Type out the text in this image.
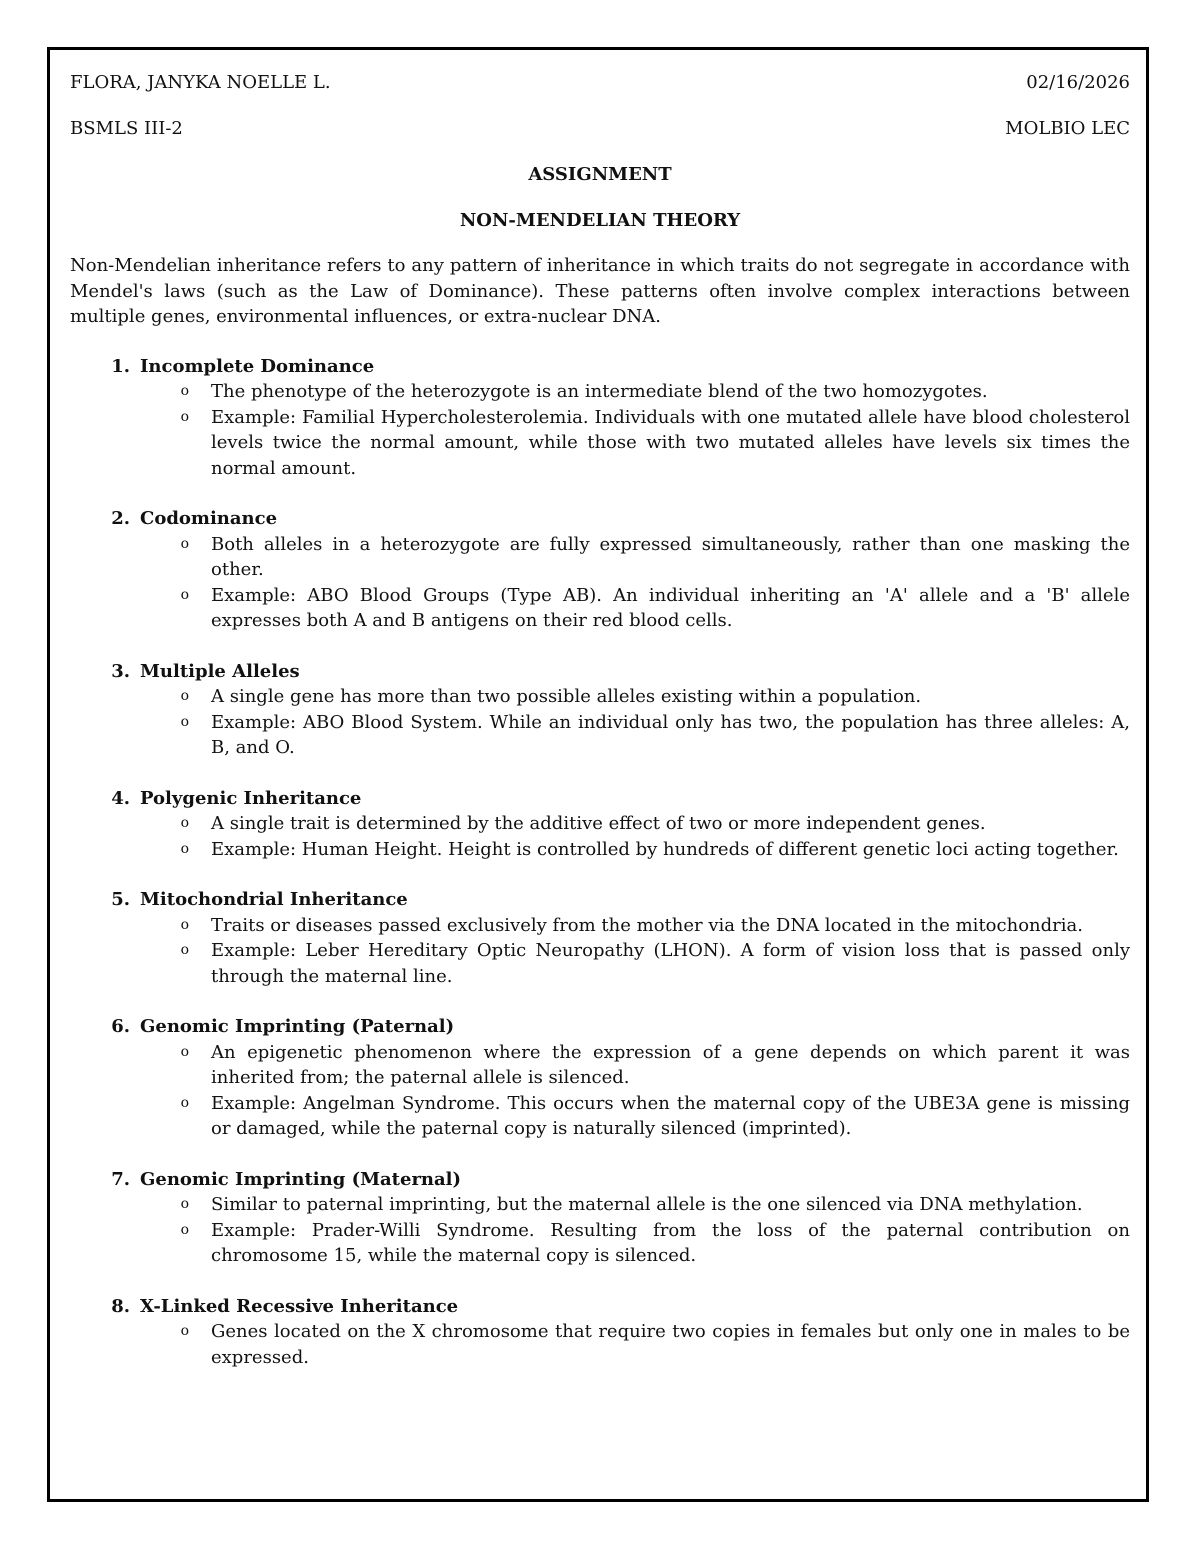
FLORA, JANYKA NOELLE L.	02/16/2026
BSMLS III-2	MOLBIO LEC
ASSIGNMENT
NON-MENDELIAN THEORY

Non-Mendelian inheritance refers to any pattern of inheritance in which traits do not segregate in accordance with Mendel's laws (such as the Law of Dominance). These patterns often involve complex interactions between multiple genes, environmental influences, or extra-nuclear DNA.

1. Incomplete Dominance
o	The phenotype of the heterozygote is an intermediate blend of the two homozygotes.
o	Example: Familial Hypercholesterolemia. Individuals with one mutated allele have blood cholesterol levels twice the normal amount, while those with two mutated alleles have levels six times the normal amount.
2. Codominance
o	Both alleles in a heterozygote are fully expressed simultaneously, rather than one masking the other.
o	Example: ABO Blood Groups (Type AB). An individual inheriting an 'A' allele and a 'B' allele expresses both A and B antigens on their red blood cells.
3. Multiple Alleles
o	A single gene has more than two possible alleles existing within a population.
o	Example: ABO Blood System. While an individual only has two, the population has three alleles: A, B, and O.
4. Polygenic Inheritance
o	A single trait is determined by the additive effect of two or more independent genes.
o	Example: Human Height. Height is controlled by hundreds of different genetic loci acting together.
5. Mitochondrial Inheritance
o	Traits or diseases passed exclusively from the mother via the DNA located in the mitochondria.
o	Example: Leber Hereditary Optic Neuropathy (LHON). A form of vision loss that is passed only through the maternal line.
6. Genomic Imprinting (Paternal)
o	An epigenetic phenomenon where the expression of a gene depends on which parent it was inherited from; the paternal allele is silenced.
o	Example: Angelman Syndrome. This occurs when the maternal copy of the UBE3A gene is missing or damaged, while the paternal copy is naturally silenced (imprinted).
7. Genomic Imprinting (Maternal)
o	Similar to paternal imprinting, but the maternal allele is the one silenced via DNA methylation.
o	Example: Prader-Willi Syndrome. Resulting from the loss of the paternal contribution on chromosome 15, while the maternal copy is silenced.
8. X-Linked Recessive Inheritance
o	Genes located on the X chromosome that require two copies in females but only one in males to be expressed.
